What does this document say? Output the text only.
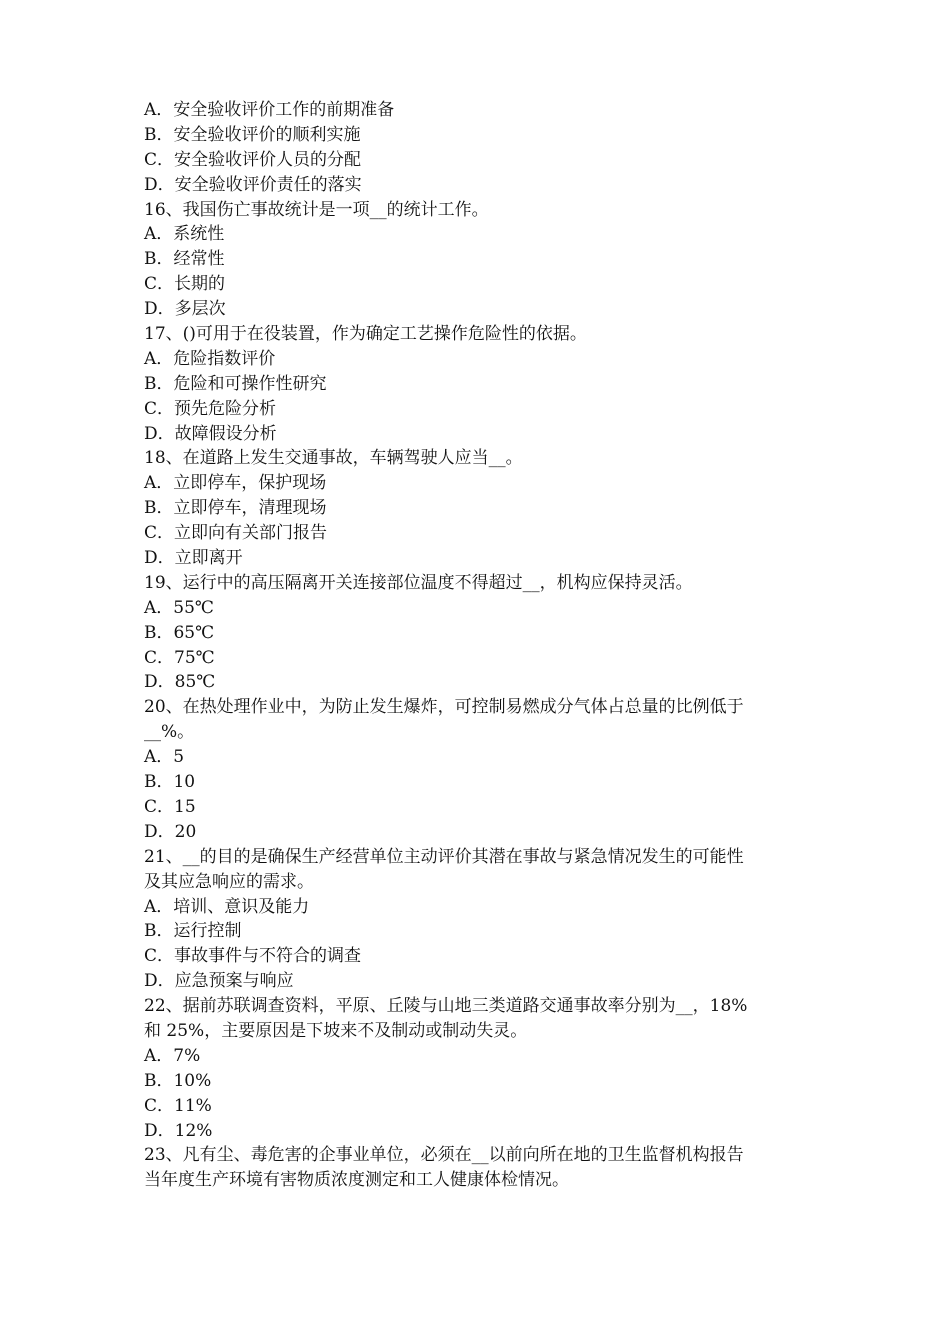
A．安全验收评价工作的前期准备
B．安全验收评价的顺利实施
C．安全验收评价人员的分配
D．安全验收评价责任的落实
16、我国伤亡事故统计是一项__的统计工作。
A．系统性
B．经常性
C．长期的
D．多层次
17、()可用于在役装置，作为确定工艺操作危险性的依据。
A．危险指数评价
B．危险和可操作性研究
C．预先危险分析
D．故障假设分析
18、在道路上发生交通事故，车辆驾驶人应当__。
A．立即停车，保护现场
B．立即停车，清理现场
C．立即向有关部门报告
D．立即离开
19、运行中的高压隔离开关连接部位温度不得超过__，机构应保持灵活。
A．55℃
B．65℃
C．75℃
D．85℃
20、在热处理作业中，为防止发生爆炸，可控制易燃成分气体占总量的比例低于
__%。
A．5
B．10
C．15
D．20
21、__的目的是确保生产经营单位主动评价其潜在事故与紧急情况发生的可能性
及其应急响应的需求。
A．培训、意识及能力
B．运行控制
C．事故事件与不符合的调查
D．应急预案与响应
22、据前苏联调查资料，平原、丘陵与山地三类道路交通事故率分别为__，18%
和 25%，主要原因是下坡来不及制动或制动失灵。
A．7%
B．10%
C．11%
D．12%
23、凡有尘、毒危害的企事业单位，必须在__以前向所在地的卫生监督机构报告
当年度生产环境有害物质浓度测定和工人健康体检情况。
